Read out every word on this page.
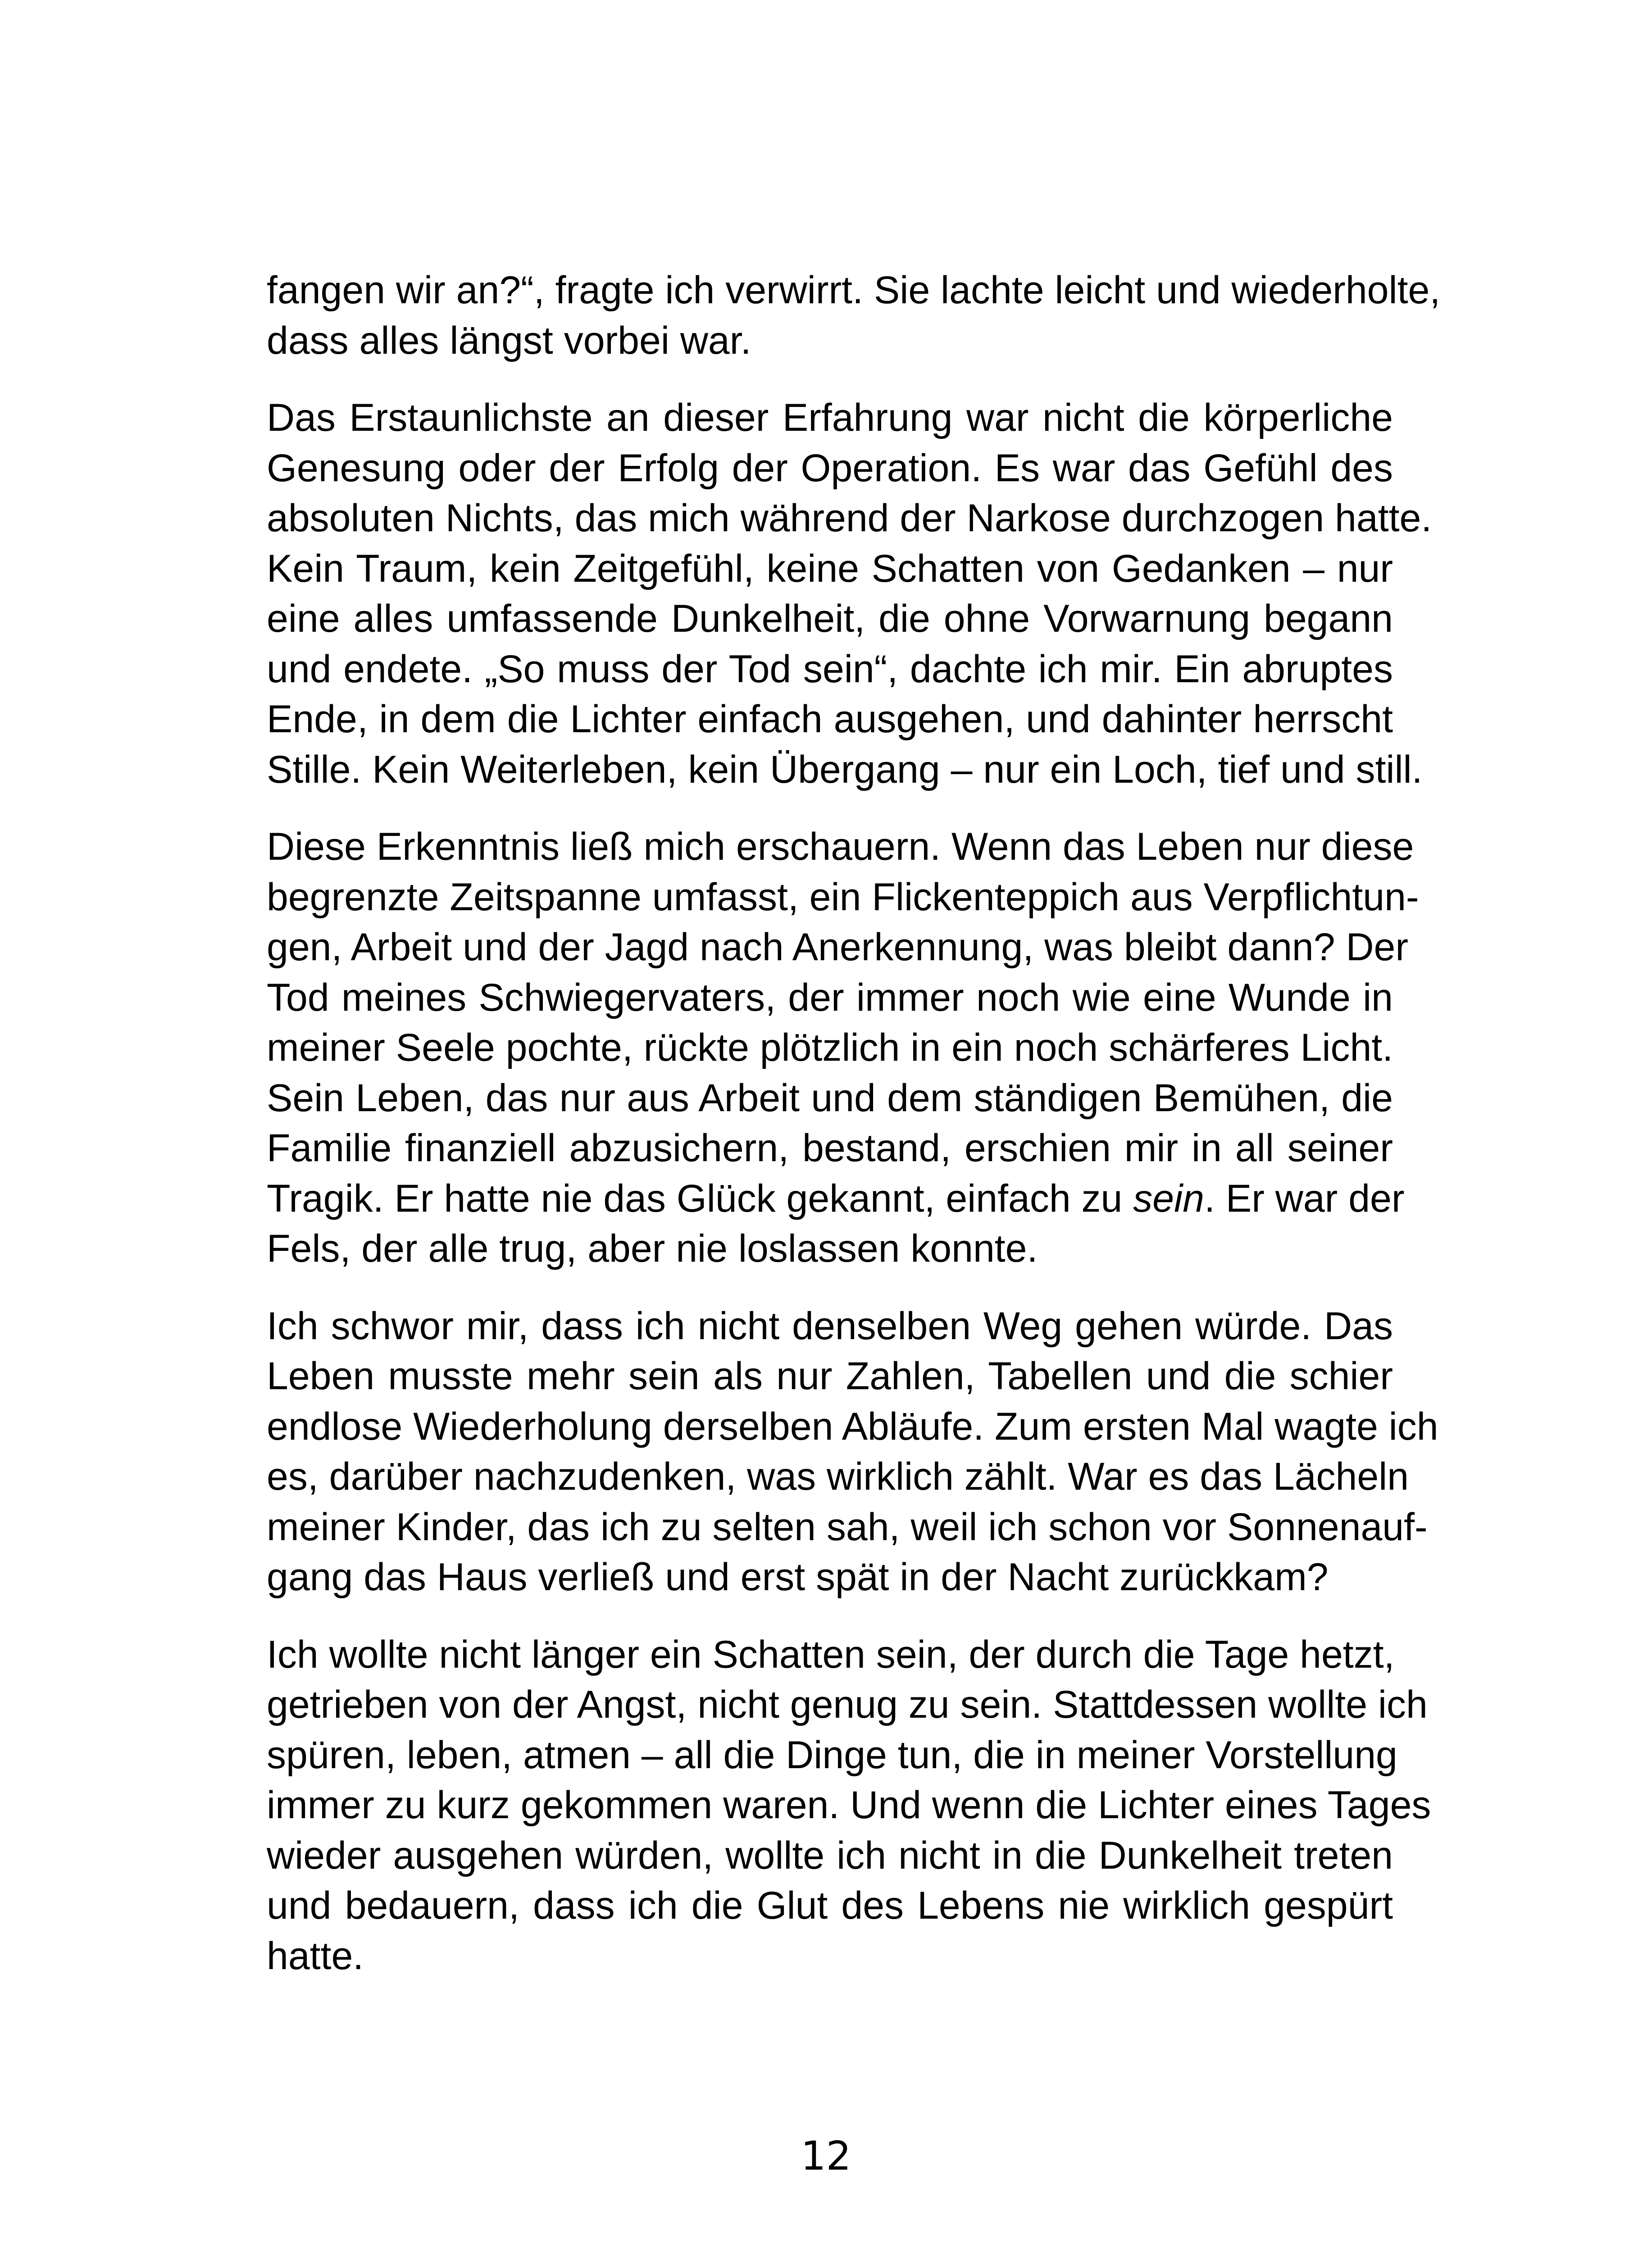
fangen wir an?“, fragte ich verwirrt. Sie lachte leicht und wiederholte,
dass alles längst vorbei war.
Das Erstaunlichste an dieser Erfahrung war nicht die körperliche
Genesung oder der Erfolg der Operation. Es war das Gefühl des
absoluten Nichts, das mich während der Narkose durchzogen hatte.
Kein Traum, kein Zeitgefühl, keine Schatten von Gedanken – nur
eine alles umfassende Dunkelheit, die ohne Vorwarnung begann
und endete. „So muss der Tod sein“, dachte ich mir. Ein abruptes
Ende, in dem die Lichter einfach ausgehen, und dahinter herrscht
Stille. Kein Weiterleben, kein Übergang – nur ein Loch, tief und still.
Diese Erkenntnis ließ mich erschauern. Wenn das Leben nur diese
begrenzte Zeitspanne umfasst, ein Flickenteppich aus Verpflichtun-
gen, Arbeit und der Jagd nach Anerkennung, was bleibt dann? Der
Tod meines Schwiegervaters, der immer noch wie eine Wunde in
meiner Seele pochte, rückte plötzlich in ein noch schärferes Licht.
Sein Leben, das nur aus Arbeit und dem ständigen Bemühen, die
Familie finanziell abzusichern, bestand, erschien mir in all seiner
Tragik. Er hatte nie das Glück gekannt, einfach zu sein. Er war der
Fels, der alle trug, aber nie loslassen konnte.
Ich schwor mir, dass ich nicht denselben Weg gehen würde. Das
Leben musste mehr sein als nur Zahlen, Tabellen und die schier
endlose Wiederholung derselben Abläufe. Zum ersten Mal wagte ich
es, darüber nachzudenken, was wirklich zählt. War es das Lächeln
meiner Kinder, das ich zu selten sah, weil ich schon vor Sonnenauf-
gang das Haus verließ und erst spät in der Nacht zurückkam?
Ich wollte nicht länger ein Schatten sein, der durch die Tage hetzt,
getrieben von der Angst, nicht genug zu sein. Stattdessen wollte ich
spüren, leben, atmen – all die Dinge tun, die in meiner Vorstellung
immer zu kurz gekommen waren. Und wenn die Lichter eines Tages
wieder ausgehen würden, wollte ich nicht in die Dunkelheit treten
und bedauern, dass ich die Glut des Lebens nie wirklich gespürt
hatte.
12
